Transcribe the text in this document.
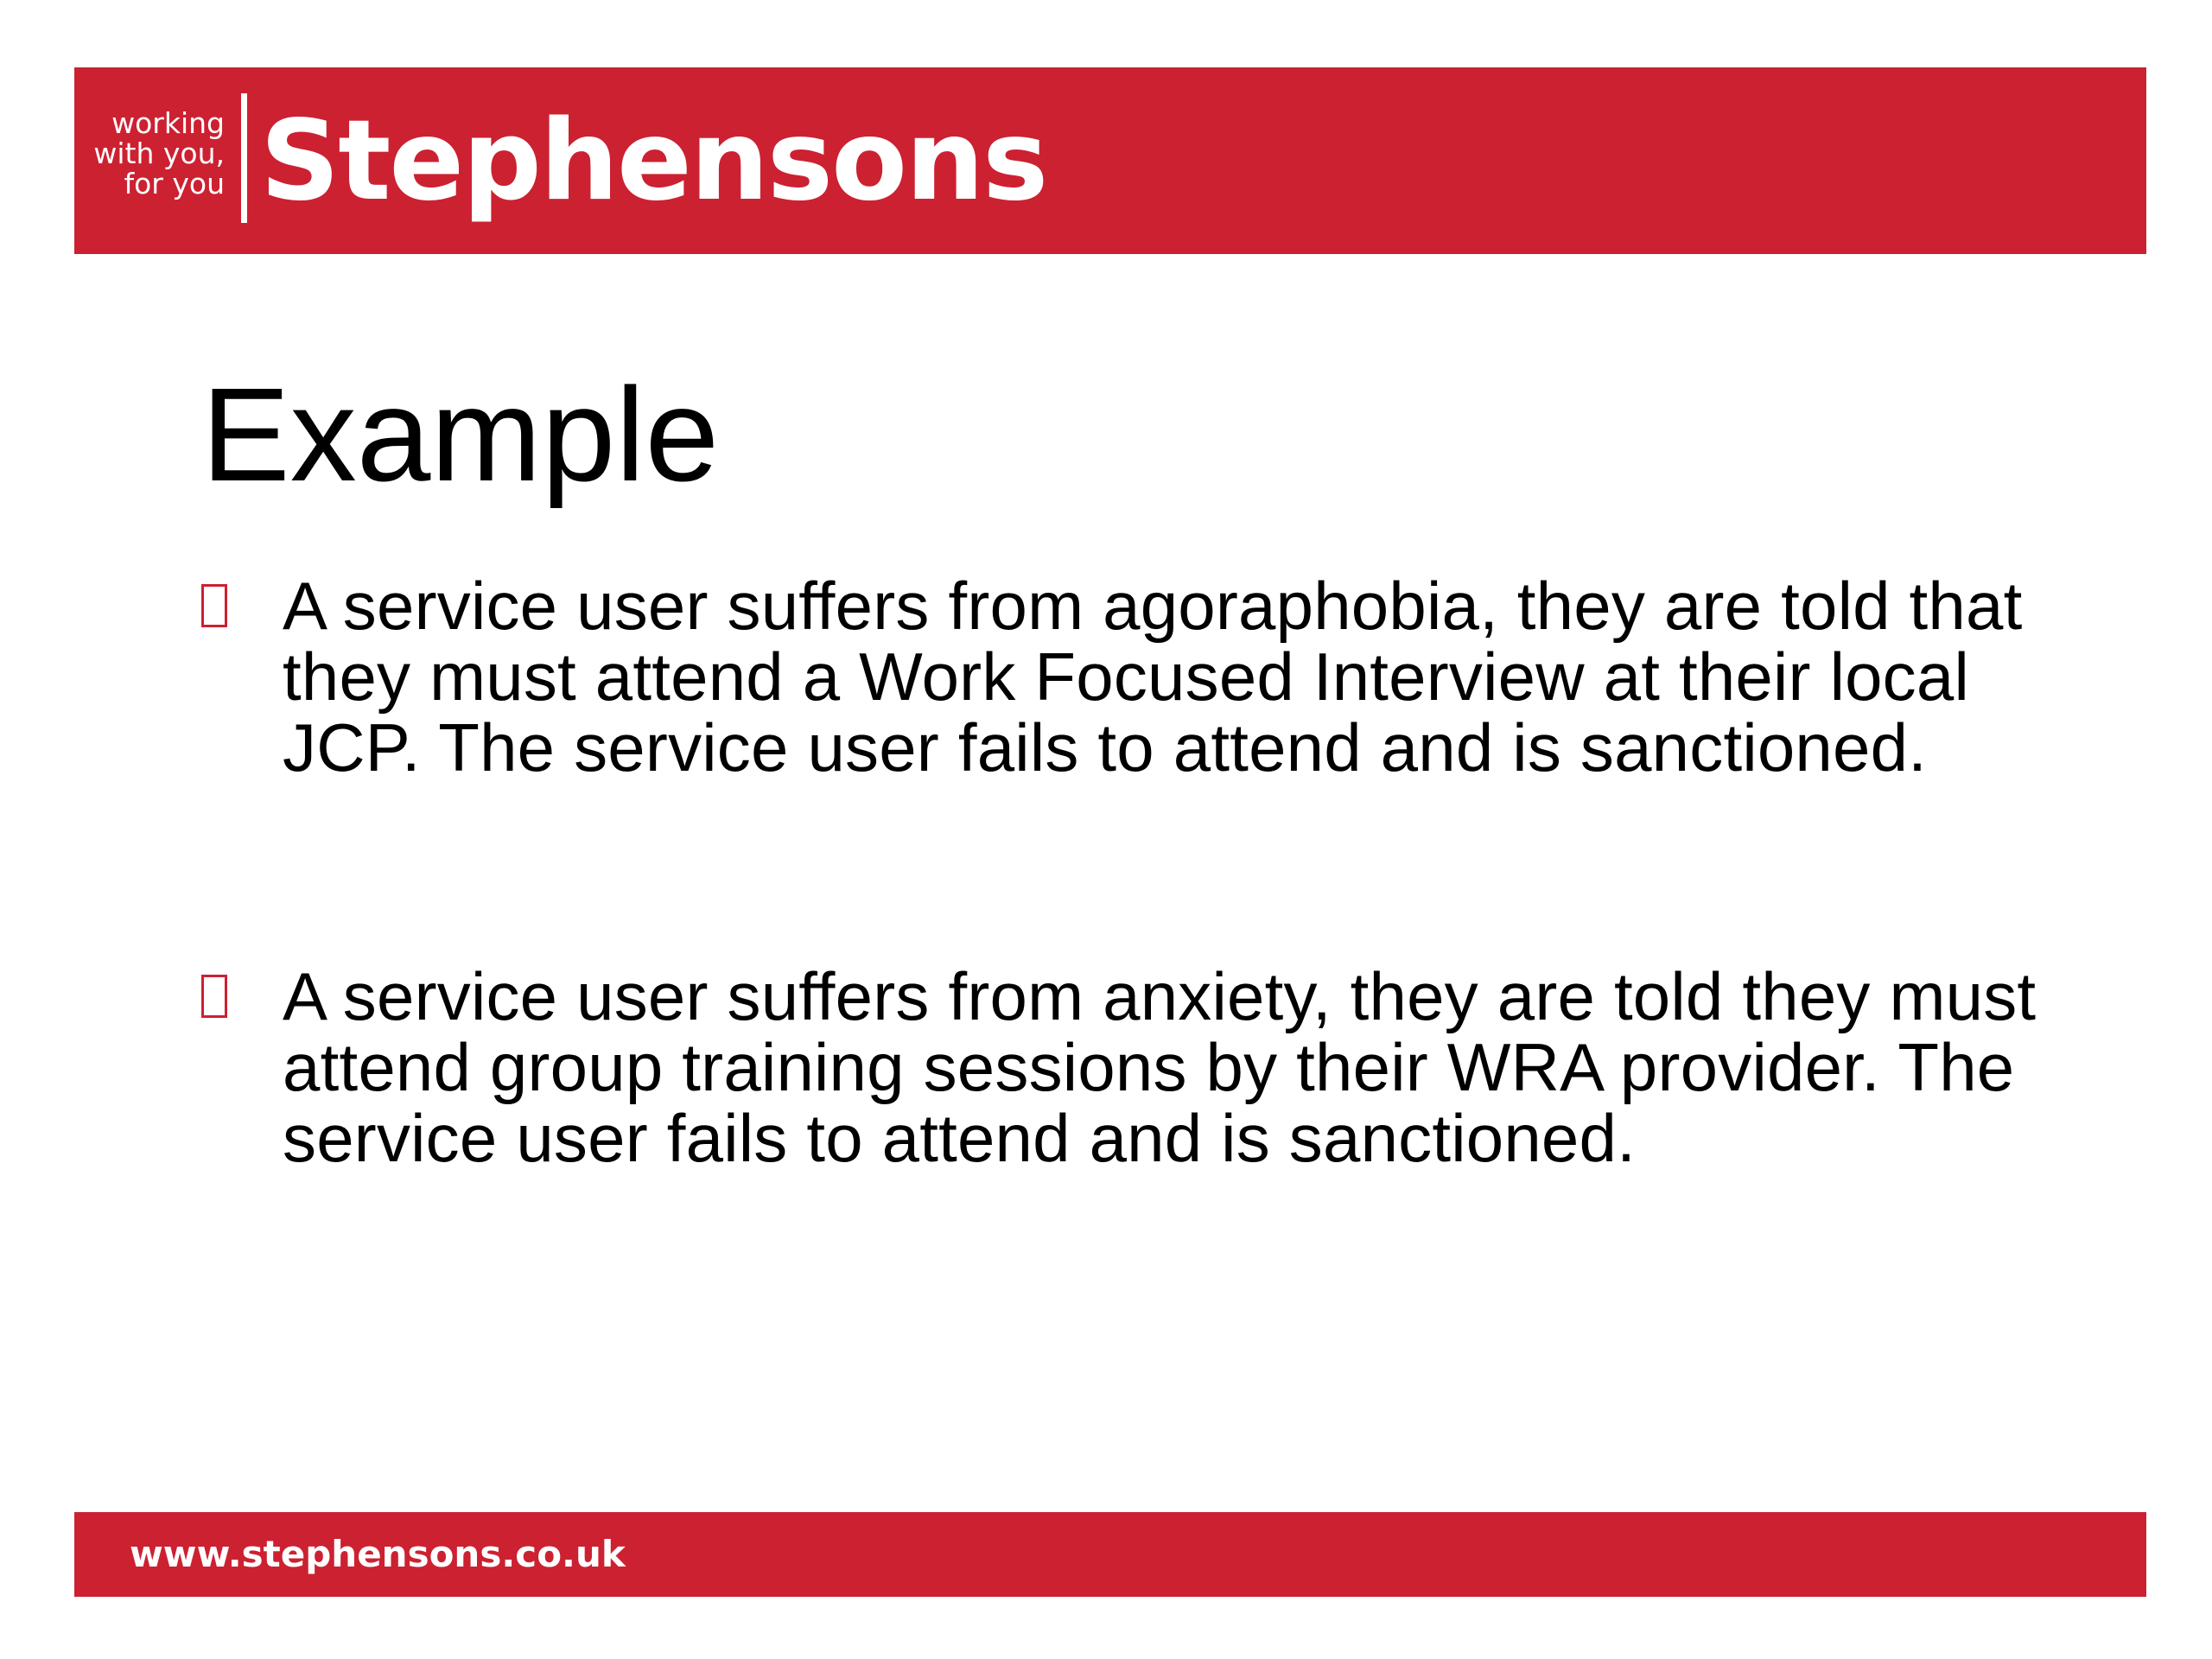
working
with you,
for you Stephensons
Example
A service user suffers from agoraphobia, they are told that they must attend a Work Focused Interview at their local JCP. The service user fails to attend and is sanctioned.
A service user suffers from anxiety, they are told they must attend group training sessions by their WRA provider. The service user fails to attend and is sanctioned.
www.stephensons.co.uk
